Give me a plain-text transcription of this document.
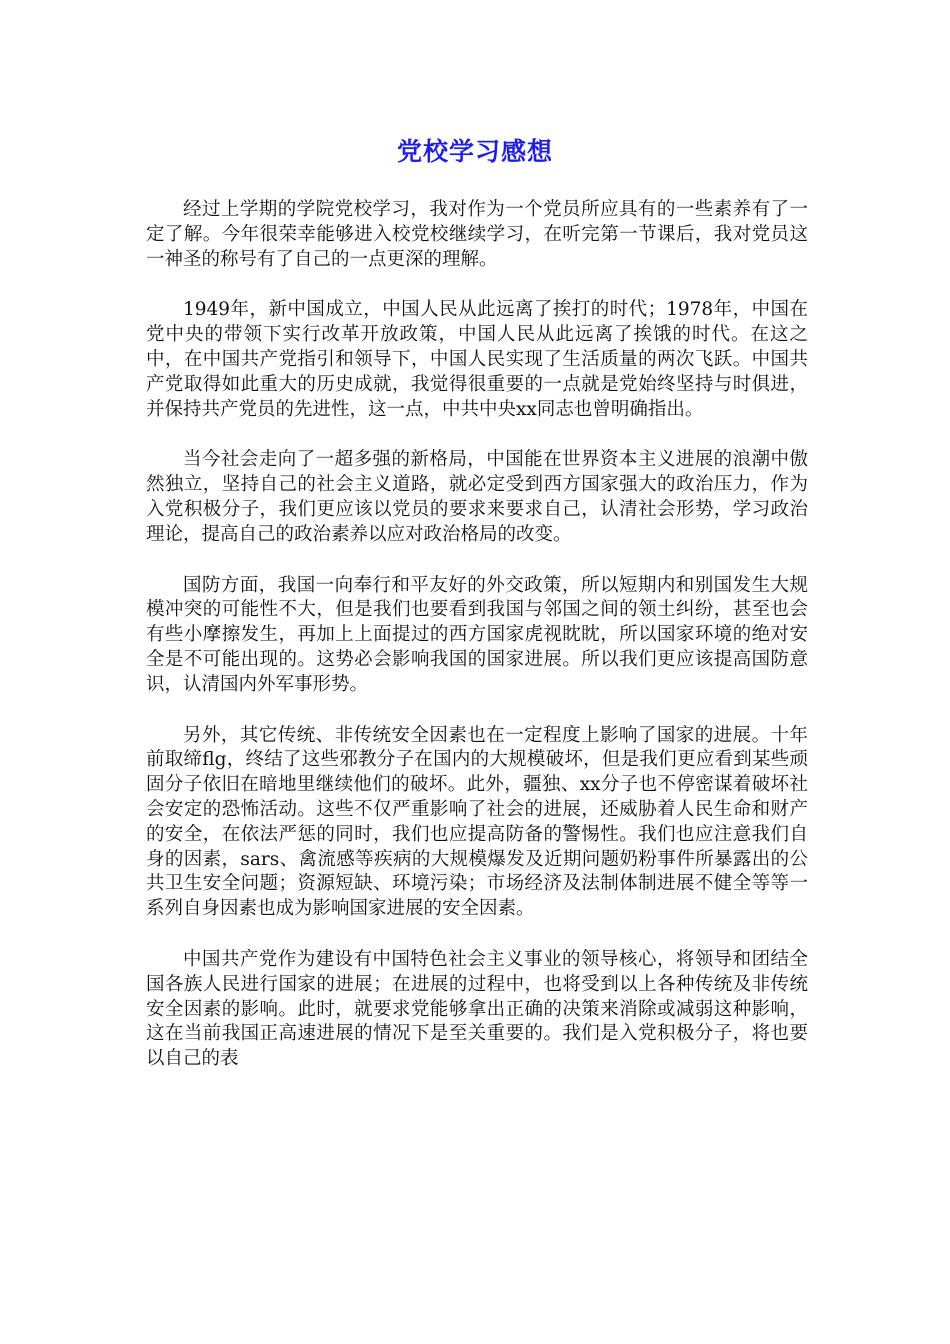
党校学习感想

经过上学期的学院党校学习，我对作为一个党员所应具有的一些素养有了一定了解。今年很荣幸能够进入校党校继续学习，在听完第一节课后，我对党员这一神圣的称号有了自己的一点更深的理解。

1949年，新中国成立，中国人民从此远离了挨打的时代；1978年，中国在党中央的带领下实行改革开放政策，中国人民从此远离了挨饿的时代。在这之中，在中国共产党指引和领导下，中国人民实现了生活质量的两次飞跃。中国共产党取得如此重大的历史成就，我觉得很重要的一点就是党始终坚持与时俱进，并保持共产党员的先进性，这一点，中共中央xx同志也曾明确指出。

当今社会走向了一超多强的新格局，中国能在世界资本主义进展的浪潮中傲然独立，坚持自己的社会主义道路，就必定受到西方国家强大的政治压力，作为入党积极分子，我们更应该以党员的要求来要求自己，认清社会形势，学习政治理论，提高自己的政治素养以应对政治格局的改变。

国防方面，我国一向奉行和平友好的外交政策，所以短期内和别国发生大规模冲突的可能性不大，但是我们也要看到我国与邻国之间的领土纠纷，甚至也会有些小摩擦发生，再加上上面提过的西方国家虎视眈眈，所以国家环境的绝对安全是不可能出现的。这势必会影响我国的国家进展。所以我们更应该提高国防意识，认清国内外军事形势。

另外，其它传统、非传统安全因素也在一定程度上影响了国家的进展。十年前取缔flg，终结了这些邪教分子在国内的大规模破坏，但是我们更应看到某些顽固分子依旧在暗地里继续他们的破坏。此外，疆独、xx分子也不停密谋着破坏社会安定的恐怖活动。这些不仅严重影响了社会的进展，还威胁着人民生命和财产的安全，在依法严惩的同时，我们也应提高防备的警惕性。我们也应注意我们自身的因素，sars、禽流感等疾病的大规模爆发及近期问题奶粉事件所暴露出的公共卫生安全问题；资源短缺、环境污染；市场经济及法制体制进展不健全等等一系列自身因素也成为影响国家进展的安全因素。

中国共产党作为建设有中国特色社会主义事业的领导核心，将领导和团结全国各族人民进行国家的进展；在进展的过程中，也将受到以上各种传统及非传统安全因素的影响。此时，就要求党能够拿出正确的决策来消除或减弱这种影响，这在当前我国正高速进展的情况下是至关重要的。我们是入党积极分子，将也要以自己的表
